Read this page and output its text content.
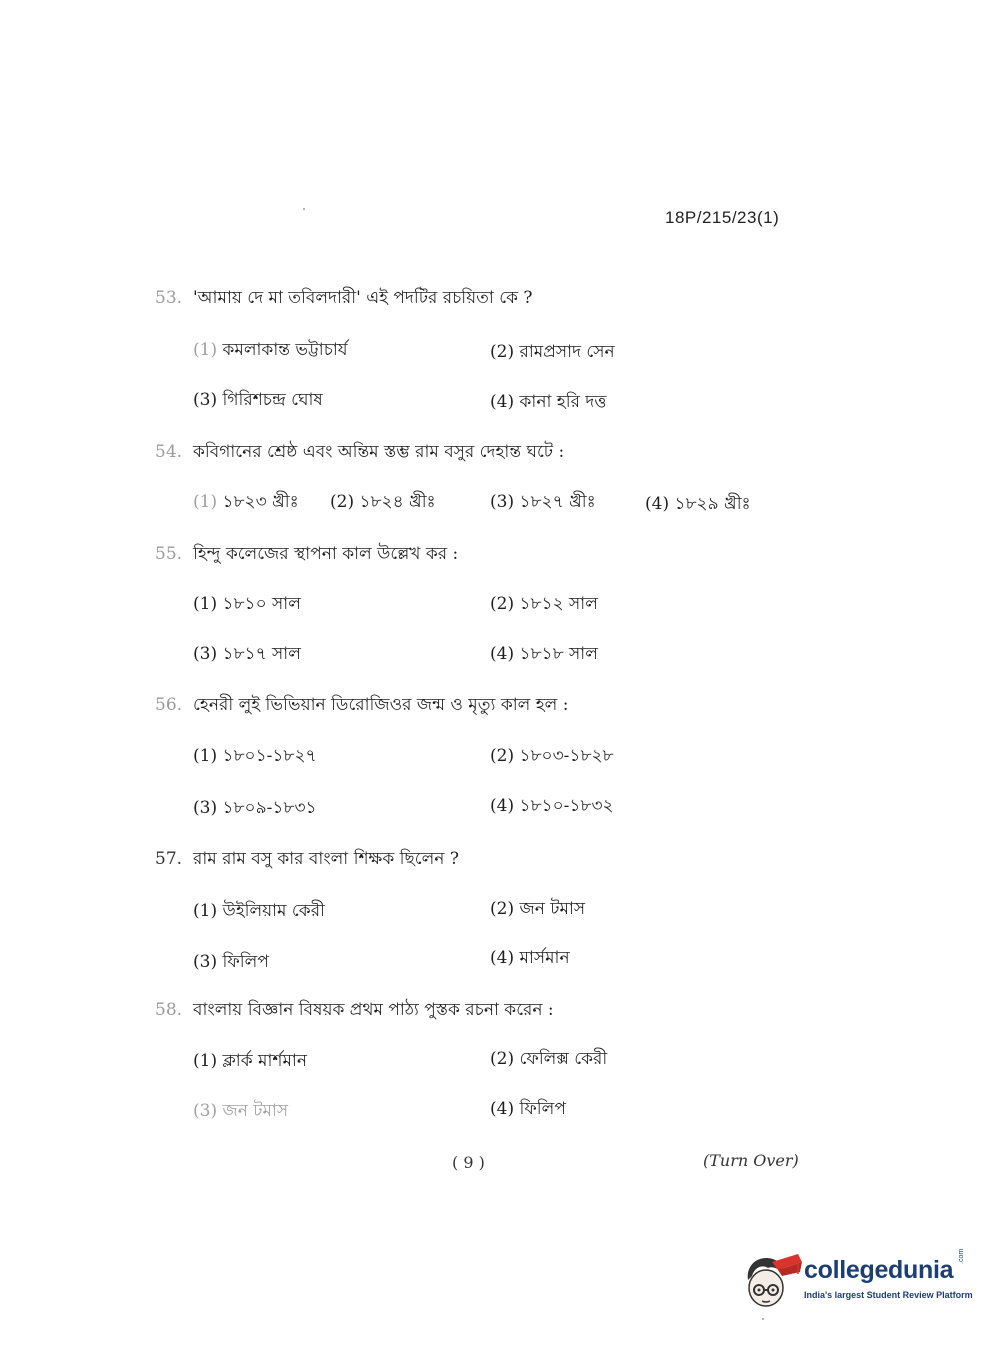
18P/215/23(1)
53. 'আমায় দে মা তবিলদারী' এই পদটির রচয়িতা কে ?
(1) কমলাকান্ত ভট্টাচার্য	(2) রামপ্রসাদ সেন
(3) গিরিশচন্দ্র ঘোষ	(4) কানা হরি দত্ত
54. কবিগানের শ্রেষ্ঠ এবং অন্তিম স্তম্ভ রাম বসুর দেহান্ত ঘটে :
(1) ১৮২৩ খ্রীঃ (2) ১৮২৪ খ্রীঃ	(3) ১৮২৭ খ্রীঃ	(4) ১৮২৯ খ্রীঃ
55. হিন্দু কলেজের স্থাপনা কাল উল্লেখ কর :
(1) ১৮১০ সাল	(2) ১৮১২ সাল
(3) ১৮১৭ সাল	(4) ১৮১৮ সাল
56. হেনরী লুই ভিভিয়ান ডিরোজিওর জন্ম ও মৃত্যু কাল হল :
(1) ১৮০১-১৮২৭	(2) ১৮০৩-১৮২৮
(3) ১৮০৯-১৮৩১	(4) ১৮১০-১৮৩২
57. রাম রাম বসু কার বাংলা শিক্ষক ছিলেন ?
(1) উইলিয়াম কেরী	(2) জন টমাস
(3) ফিলিপ	(4) মার্সমান
58. বাংলায় বিজ্ঞান বিষয়ক প্রথম পাঠ্য পুস্তক রচনা করেন :
(1) ক্লার্ক মার্শমান	(2) ফেলিক্স কেরী
(3) জন টমাস	(4) ফিলিপ
( 9 )	(Turn Over)
collegedunia .com
India's largest Student Review Platform
